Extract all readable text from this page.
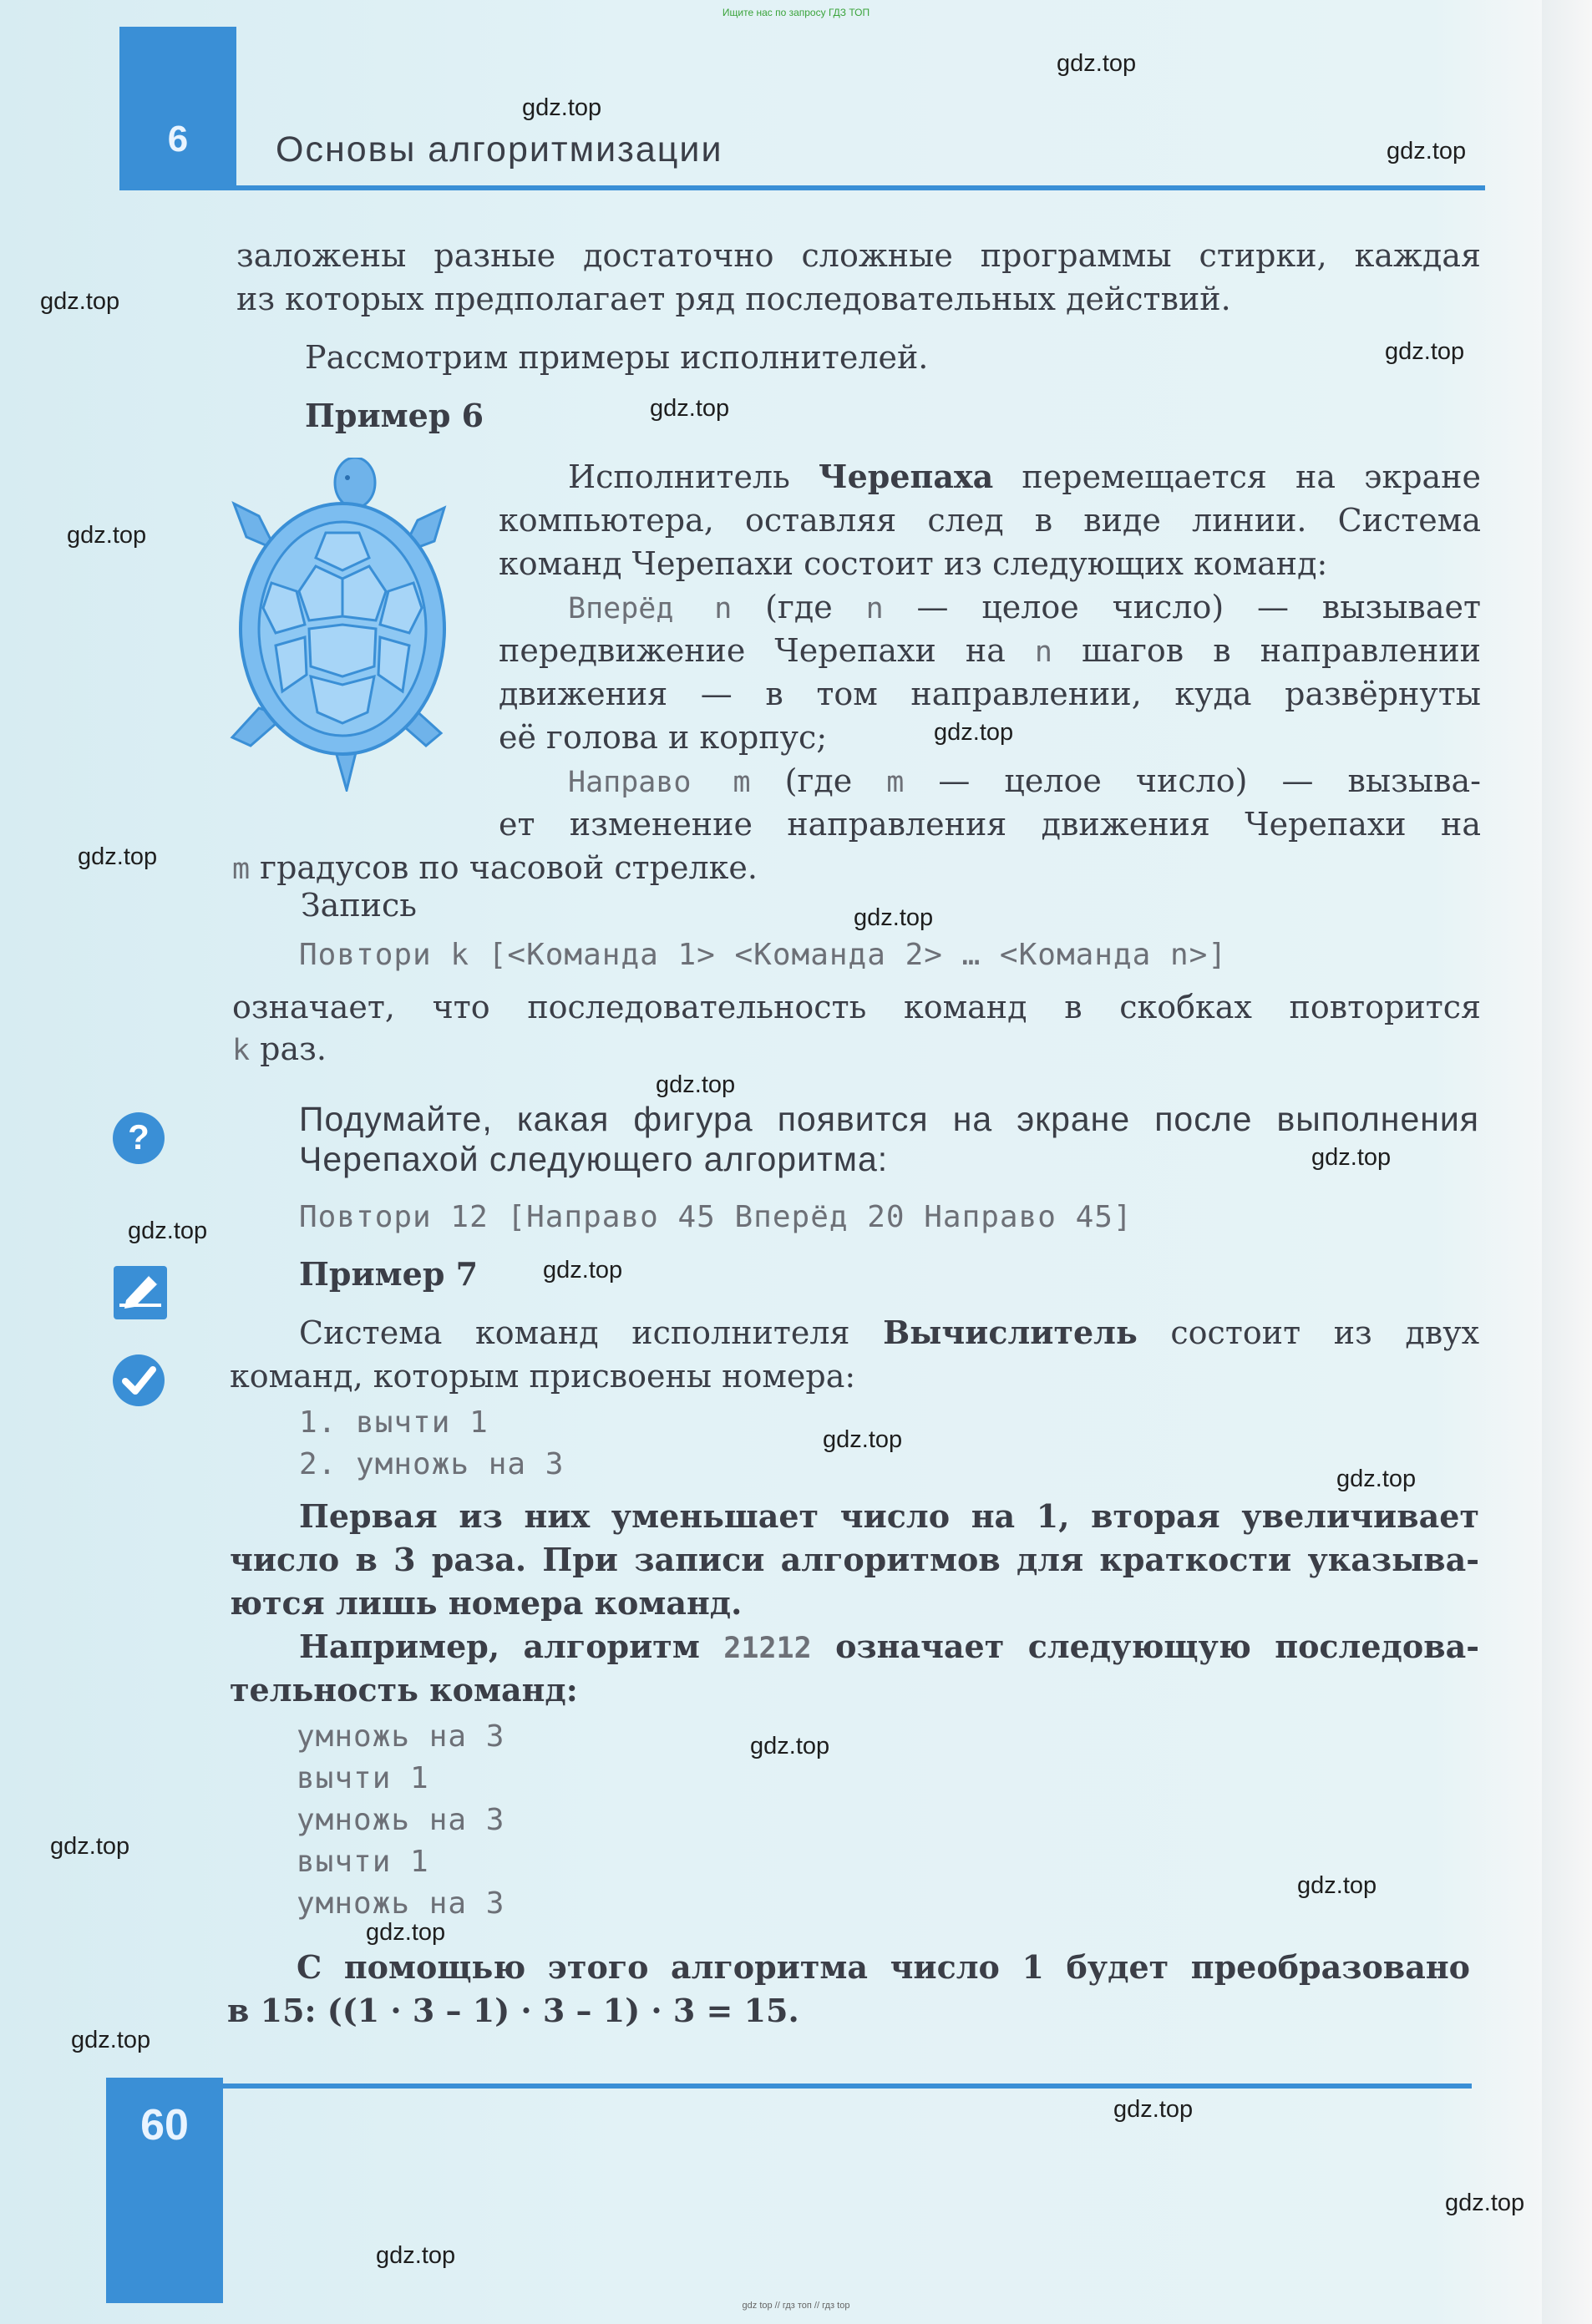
Ищите нас по запросу ГДЗ ТОП
6	Основы алгоритмизации
заложены разные достаточно сложные программы стирки, каждая
из которых предполагает ряд последовательных действий.
Рассмотрим примеры исполнителей.
Пример 6
Исполнитель Черепаха перемещается на экране
компьютера, оставляя след в виде линии. Система
команд Черепахи состоит из следующих команд:
Вперёд n (где n — целое число) — вызывает
передвижение Черепахи на n шагов в направлении
движения — в том направлении, куда развёрнуты
её голова и корпус;
Направо m (где m — целое число) — вызыва-
ет изменение направления движения Черепахи на
m градусов по часовой стрелке.
Запись
Повтори k [<Команда 1> <Команда 2> … <Команда n>]
означает, что последовательность команд в скобках повторится
k раз.
?	Подумайте, какая фигура появится на экране после выполнения
Черепахой следующего алгоритма:
Повтори 12 [Направо 45 Вперёд 20 Направо 45]
Пример 7
Система команд исполнителя Вычислитель состоит из двух
команд, которым присвоены номера:
1. вычти 1
2. умножь на 3
Первая из них уменьшает число на 1, вторая увеличивает
число в 3 раза. При записи алгоритмов для краткости указыва-
ются лишь номера команд.
Например, алгоритм 21212 означает следующую последова-
тельность команд:
умножь на 3
вычти 1
умножь на 3
вычти 1
умножь на 3
С помощью этого алгоритма число 1 будет преобразовано
в 15: ((1 · 3 – 1) · 3 – 1) · 3 = 15.
60
gdz.top
gdz.top
gdz.top
gdz.top
gdz.top
gdz.top
gdz.top
gdz.top
gdz.top
gdz.top
gdz.top
gdz.top
gdz.top
gdz.top
gdz.top
gdz.top
gdz.top
gdz.top
gdz.top
gdz.top
gdz.top
gdz.top
gdz.top
gdz.top
gdz top // гдз топ // гдз top
